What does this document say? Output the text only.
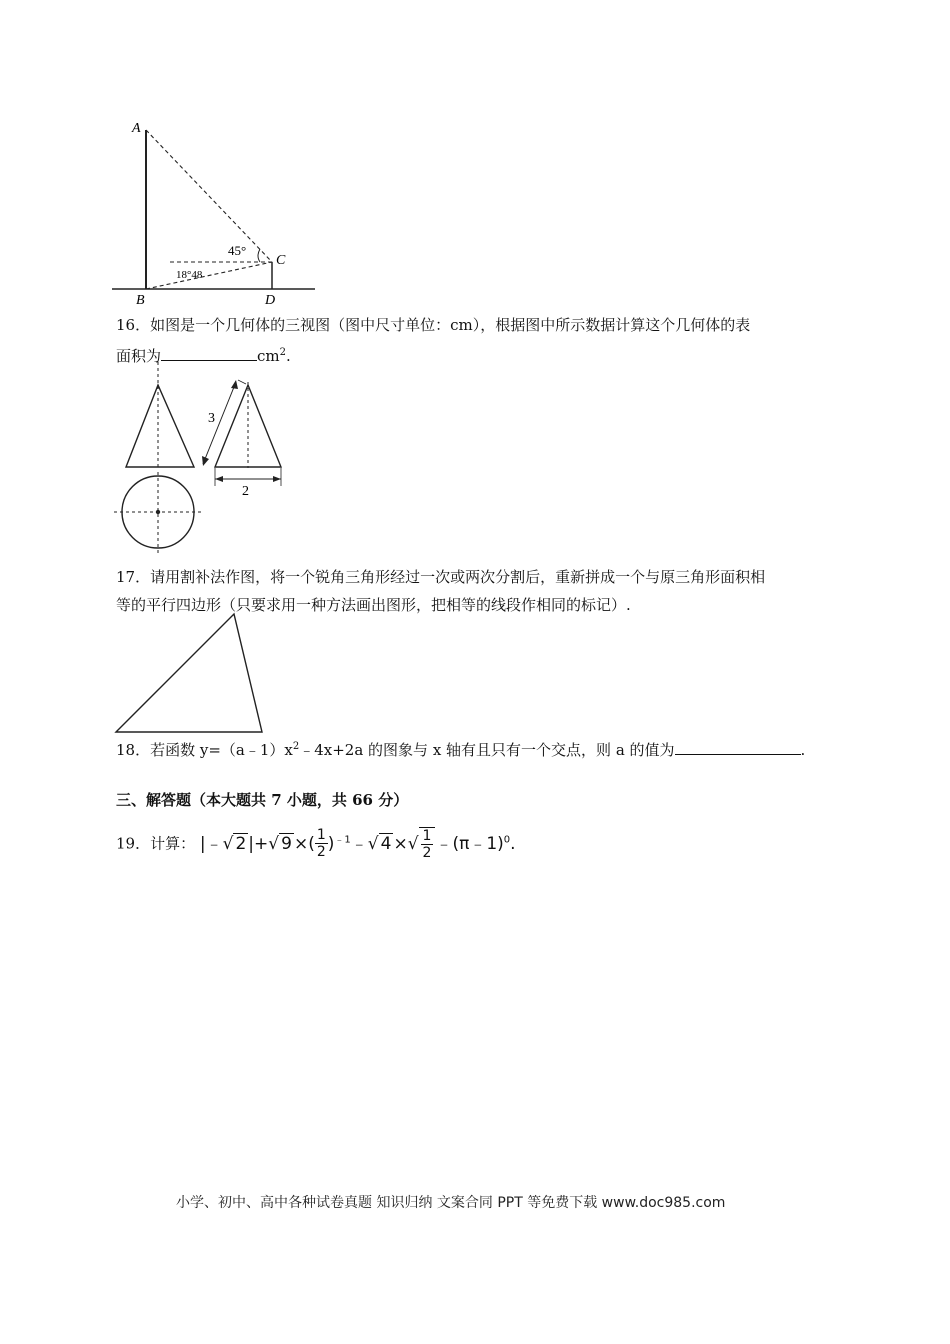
A
C
B	D
45°
18°48
16．如图是一个几何体的三视图（图中尺寸单位：cm），根据图中所示数据计算这个几何体的表
面积为	$cm^2$.
3
2
17．请用割补法作图，将一个锐角三角形经过一次或两次分割后，重新拼成一个与原三角形面积相
等的平行四边形（只要求用一种方法画出图形，把相等的线段作相同的标记）.
18．若函数 $y=(a﹣1)x^2﹣4x+2a$ 的图象与 x 轴有且只有一个交点，则 a 的值为	.
三、解答题（本大题共 7 小题，共 66 分）
19．计算： |﹣√ 2 |+√ 9 ×( $\frac{1}{2}$ )$^{﹣1}$﹣√ 4 ×√ $\frac{1}{2}$ ﹣(π﹣1)$^0$.
小学、初中、高中各种试卷真题 知识归纳 文案合同 PPT 等免费下载 www.doc985.com
